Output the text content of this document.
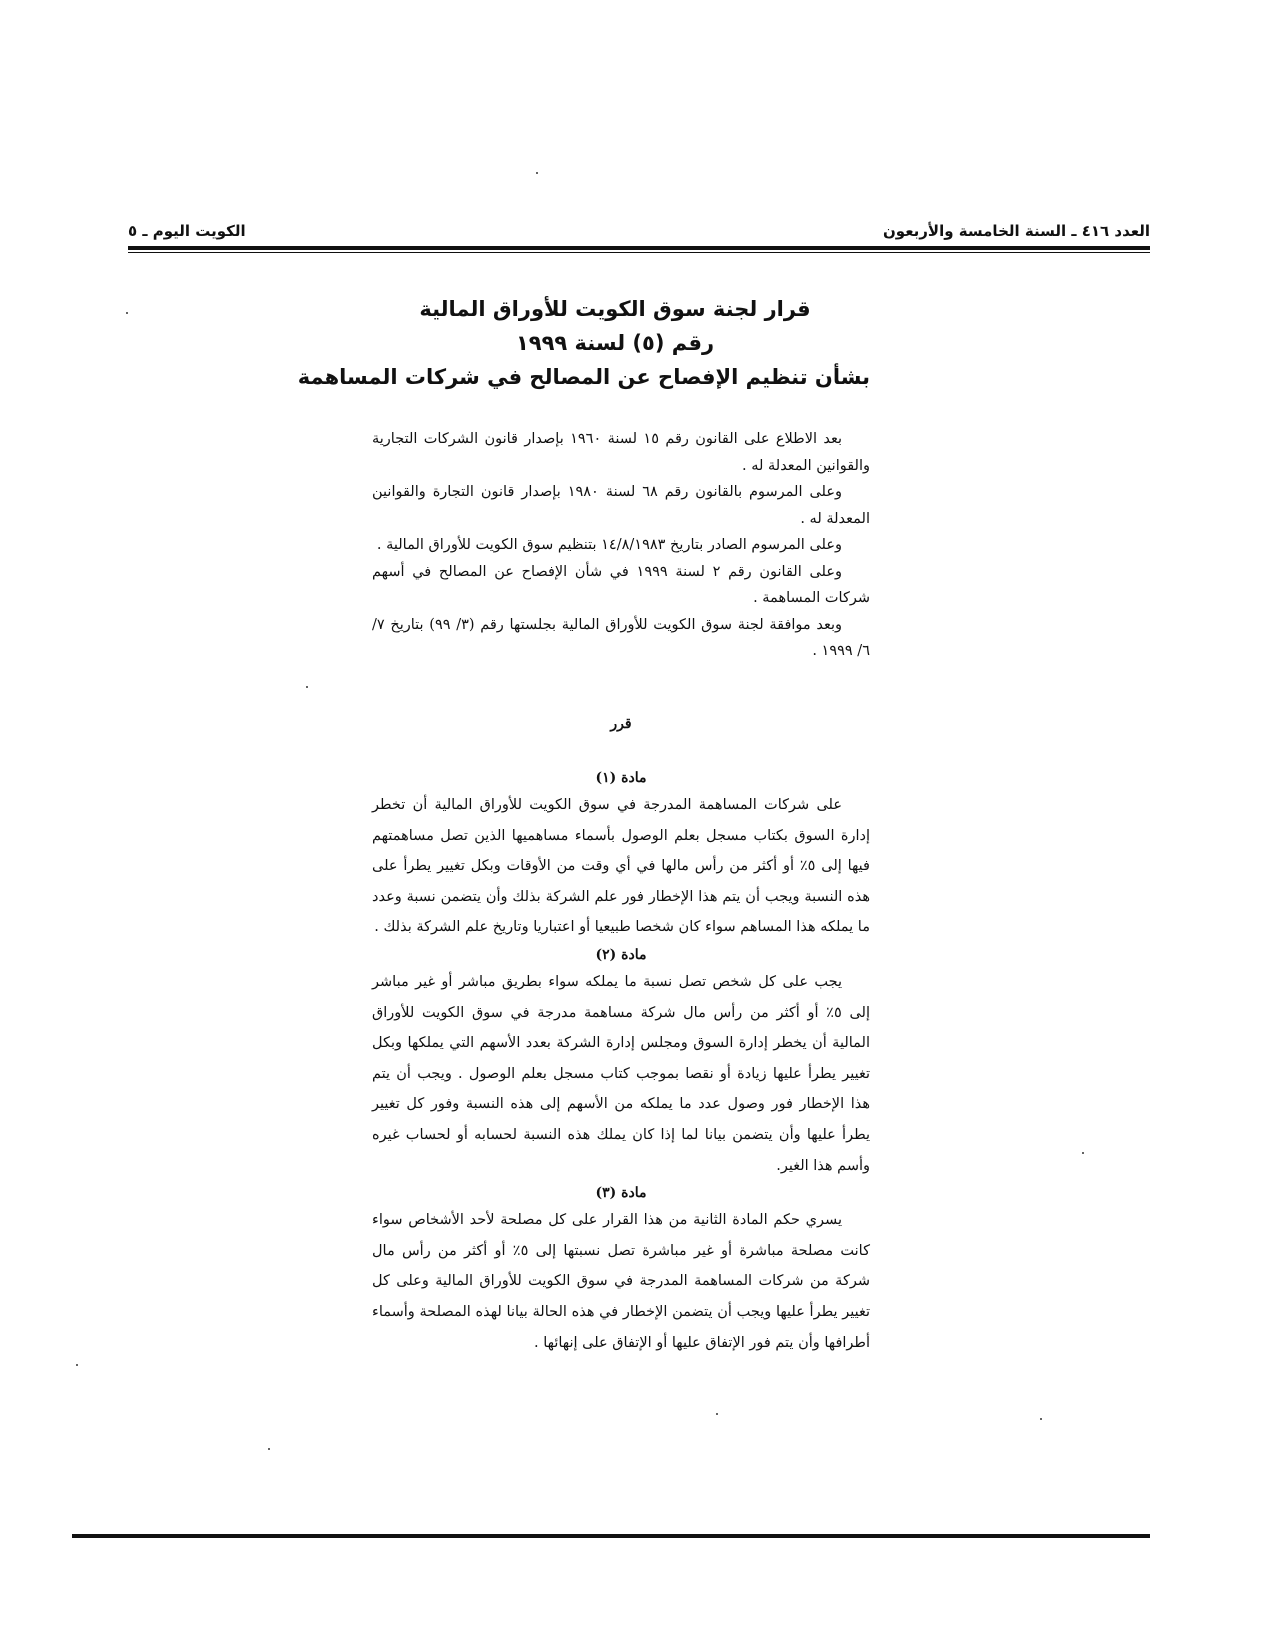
العدد ٤١٦ ـ السنة الخامسة والأربعون
الكويت اليوم ـ ٥
قرار لجنة سوق الكويت للأوراق المالية
رقم (٥) لسنة ١٩٩٩
بشأن تنظيم الإفصاح عن المصالح في شركات المساهمة

بعد الاطلاع على القانون رقم ١٥ لسنة ١٩٦٠ بإصدار قانون الشركات التجارية والقوانين المعدلة له .

وعلى المرسوم بالقانون رقم ٦٨ لسنة ١٩٨٠ بإصدار قانون التجارة والقوانين المعدلة له .

وعلى المرسوم الصادر بتاريخ ١٤/٨/١٩٨٣ بتنظيم سوق الكويت للأوراق المالية .

وعلى القانون رقم ٢ لسنة ١٩٩٩ في شأن الإفصاح عن المصالح في أسهم شركات المساهمة .

وبعد موافقة لجنة سوق الكويت للأوراق المالية بجلستها رقم (٣/ ٩٩) بتاريخ ٧/ ٦/ ١٩٩٩ .

قرر
مادة (١)

على شركات المساهمة المدرجة في سوق الكويت للأوراق المالية أن تخطر إدارة السوق بكتاب مسجل بعلم الوصول بأسماء مساهميها الذين تصل مساهمتهم فيها إلى ٥٪ أو أكثر من رأس مالها في أي وقت من الأوقات وبكل تغيير يطرأ على هذه النسبة ويجب أن يتم هذا الإخطار فور علم الشركة بذلك وأن يتضمن نسبة وعدد ما يملكه هذا المساهم سواء كان شخصا طبيعيا أو اعتباريا وتاريخ علم الشركة بذلك .

مادة (٢)

يجب على كل شخص تصل نسبة ما يملكه سواء بطريق مباشر أو غير مباشر إلى ٥٪ أو أكثر من رأس مال شركة مساهمة مدرجة في سوق الكويت للأوراق المالية أن يخطر إدارة السوق ومجلس إدارة الشركة بعدد الأسهم التي يملكها وبكل تغيير يطرأ عليها زيادة أو نقصا بموجب كتاب مسجل بعلم الوصول . ويجب أن يتم هذا الإخطار فور وصول عدد ما يملكه من الأسهم إلى هذه النسبة وفور كل تغيير يطرأ عليها وأن يتضمن بيانا لما إذا كان يملك هذه النسبة لحسابه أو لحساب غيره وأسم هذا الغير.

مادة (٣)

يسري حكم المادة الثانية من هذا القرار على كل مصلحة لأحد الأشخاص سواء كانت مصلحة مباشرة أو غير مباشرة تصل نسبتها إلى ٥٪ أو أكثر من رأس مال شركة من شركات المساهمة المدرجة في سوق الكويت للأوراق المالية وعلى كل تغيير يطرأ عليها ويجب أن يتضمن الإخطار في هذه الحالة بيانا لهذه المصلحة وأسماء أطرافها وأن يتم فور الإتفاق عليها أو الإتفاق على إنهائها .
